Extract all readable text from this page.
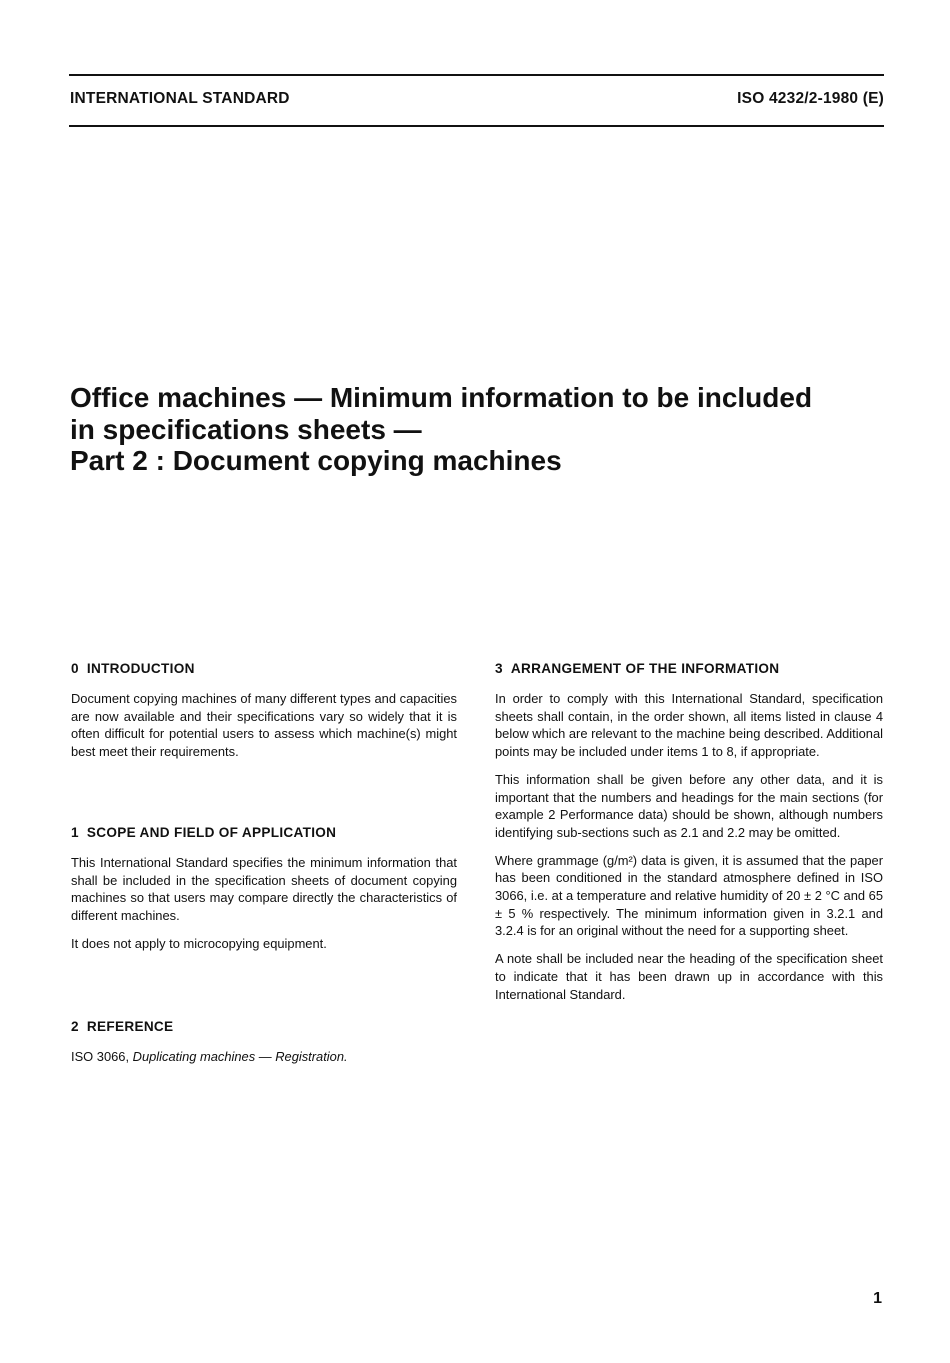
INTERNATIONAL STANDARD	ISO 4232/2-1980 (E)
Office machines — Minimum information to be included
in specifications sheets —
Part 2 : Document copying machines
0 INTRODUCTION

Document copying machines of many different types and capacities are now available and their specifications vary so widely that it is often difficult for potential users to assess which machine(s) might best meet their requirements.

1 SCOPE AND FIELD OF APPLICATION

This International Standard specifies the minimum information that shall be included in the specification sheets of document copying machines so that users may compare directly the characteristics of different machines.

It does not apply to microcopying equipment.

2 REFERENCE

ISO 3066, Duplicating machines — Registration.

3 ARRANGEMENT OF THE INFORMATION

In order to comply with this International Standard, specification sheets shall contain, in the order shown, all items listed in clause 4 below which are relevant to the machine being described. Additional points may be included under items 1 to 8, if appropriate.

This information shall be given before any other data, and it is important that the numbers and headings for the main sections (for example 2 Performance data) should be shown, although numbers identifying sub-sections such as 2.1 and 2.2 may be omitted.

Where grammage (g/m²) data is given, it is assumed that the paper has been conditioned in the standard atmosphere defined in ISO 3066, i.e. at a temperature and relative humidity of 20 ± 2 °C and 65 ± 5 % respectively. The minimum information given in 3.2.1 and 3.2.4 is for an original without the need for a supporting sheet.

A note shall be included near the heading of the specification sheet to indicate that it has been drawn up in accordance with this International Standard.

1
